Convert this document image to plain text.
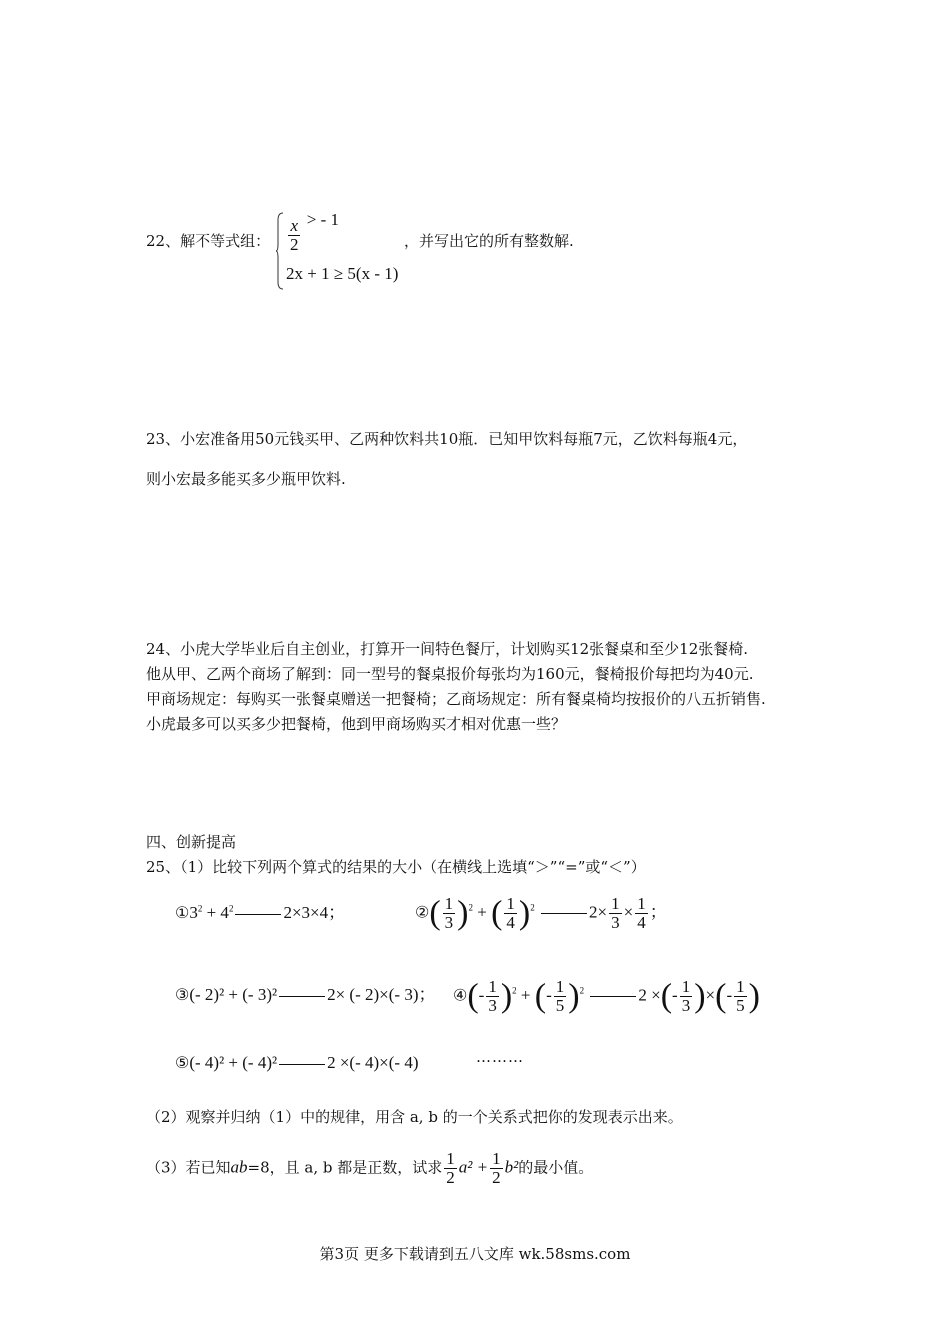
22、解不等式组： $\frac{x}{2}$ > - 1
2x + 1 ≥ 5(x - 1)
，并写出它的所有整数解.
23、小宏准备用50元钱买甲、乙两种饮料共10瓶．已知甲饮料每瓶7元，乙饮料每瓶4元，
则小宏最多能买多少瓶甲饮料.
24、小虎大学毕业后自主创业，打算开一间特色餐厅，计划购买12张餐桌和至少12张餐椅.
他从甲、乙两个商场了解到：同一型号的餐桌报价每张均为160元，餐椅报价每把均为40元.
甲商场规定：每购买一张餐桌赠送一把餐椅；乙商场规定：所有餐桌椅均按报价的八五折销售.
小虎最多可以买多少把餐椅，他到甲商场购买才相对优惠一些？
四、创新提高
25、（1）比较下列两个算式的结果的大小（在横线上选填“＞”“=”或“＜”）
$①3^2 + 4^2$	2×3×4；	②( $\frac{1}{3} )^2$ + ( $\frac{1}{4} )^2$	$2\times \frac{1}{3} \times \frac{1}{4}$ ；
③(- 2)² + (- 3)²	2× (- 2)×(- 3)； ④(- $\frac{1}{3} )^2$ + (- $\frac{1}{5} )^2$	2 ×(- $\frac{1}{3}$ )×(- $\frac{1}{5}$ )
⑤(- 4)² + (- 4)²	2 ×(- 4)×(- 4)	………
（2）观察并归纳（1）中的规律，用含 a, b 的一个关系式把你的发现表示出来。
（3）若已知ab=8，且 a, b 都是正数，试求 $\frac{1}{2} a^2 + \frac{1}{2} b^2$的最小值。
第3页 更多下载请到五八文库 wk.58sms.com
